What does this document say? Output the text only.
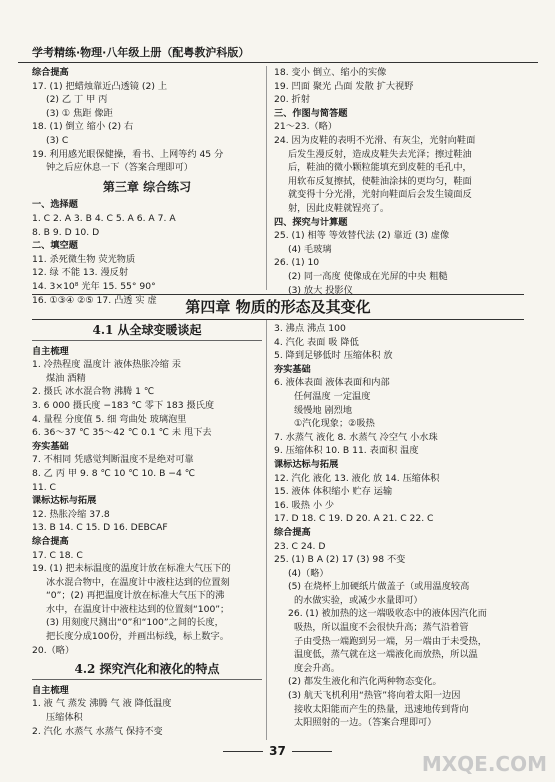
学考精练·物理·八年级上册（配粤教沪科版）
综合提高
17. (1) 把蜡烛靠近凸透镜 (2) 上
(2) 乙 丁 甲 丙
(3) ① 焦距 像距
18. (1) 倒立 缩小 (2) 右
(3) C
19. 利用感光眼保健操，看书、上网等约 45 分
钟之后应休息一下（答案合理即可）
第三章 综合练习
一、选择题
1. C 2. A 3. B 4. C 5. A 6. A 7. A
8. B 9. D 10. D
二、填空题
11. 杀死微生物 荧光物质
12. 绿 不能 13. 漫反射
14. 3×10⁸ 光年 15. 55° 90°
16. ①③④ ②⑤ 17. 凸透 实 虚
18. 变小 倒立、缩小的实像
19. 凹面 聚光 凸面 发散 扩大视野
20. 折射
三、作图与简答题
21～23.（略）
24. 因为皮鞋的表明不光滑、有灰尘，光射向鞋面
后发生漫反射，造成皮鞋失去光泽；擦过鞋油
后，鞋油的微小颗粒能填充到皮鞋的毛孔中，
用软布反复擦拭，使鞋油涂抹的更均匀，鞋面
就变得十分光滑，光射向鞋面后会发生镜面反
射，因此皮鞋就锃亮了。
四、探究与计算题
25. (1) 相等 等效替代法 (2) 靠近 (3) 虚像
(4) 毛玻璃
26. (1) 10
(2) 同一高度 使像成在光屏的中央 粗糙
(3) 放大 投影仪
第四章 物质的形态及其变化
4.1 从全球变暖谈起
自主梳理
1. 冷热程度 温度计 液体热胀冷缩 汞
煤油 酒精
2. 摄氏 冰水混合物 沸腾 1 ℃
3. 6 000 摄氏度 −183 ℃ 零下 183 摄氏度
4. 量程 分度值 5. 细 弯曲处 玻璃泡里
6. 36～37 ℃ 35～42 ℃ 0.1 ℃ 未 甩下去
夯实基础
7. 不相同 凭感觉判断温度不是绝对可靠
8. 乙 丙 甲 9. 8 ℃ 10 ℃ 10. B −4 ℃
11. C
课标达标与拓展
12. 热胀冷缩 37.8
13. B 14. C 15. D 16. DEBCAF
综合提高
17. C 18. C
19. (1) 把未标温度的温度计放在标准大气压下的
冰水混合物中，在温度计中液柱达到的位置刻
“0”；(2) 再把温度计放在标准大气压下的沸
水中，在温度计中液柱达到的位置刻“100”；
(3) 用刻度尺测出“0”和“100”之间的长度，
把长度分成100份，并画出标线，标上数字。
20.（略）
4.2 探究汽化和液化的特点
自主梳理
1. 液 气 蒸发 沸腾 气 液 降低温度
压缩体积
2. 汽化 水蒸气 水蒸气 保持不变
3. 沸点 沸点 100
4. 汽化 表面 吸 降低
5. 降到足够低时 压缩体积 放
夯实基础
6. 液体表面 液体表面和内部
任何温度 一定温度
缓慢地 剧烈地
①汽化现象；②吸热
7. 水蒸气 液化 8. 水蒸气 冷空气 小水珠
9. 压缩体积 10. B 11. 表面积 温度
课标达标与拓展
12. 汽化 液化 13. 液化 放 14. 压缩体积
15. 液体 体积缩小 贮存 运输
16. 吸热 小 少
17. D 18. C 19. D 20. A 21. C 22. C
综合提高
23. C 24. D
25. (1) B A (2) 17 (3) 98 不变
(4)（略）
(5) 在烧杯上加硬纸片做盖子（或用温度较高
的水做实验，或减少水量即可）
26. (1) 被加热的这一端吸收态中的液体因汽化而
吸热，所以温度不会很快升高；蒸气沿着管
子由受热一端跑到另一端，另一端由于未受热，
温度低，蒸气就在这一端液化而放热，所以温
度会升高。
(2) 都发生液化和汽化两种物态变化。
(3) 航天飞机利用“热管”将向着太阳一边因
接收太阳能而产生的热量，迅速地传到背向
太阳照射的一边。（答案合理即可）
37
MXQE.COM
